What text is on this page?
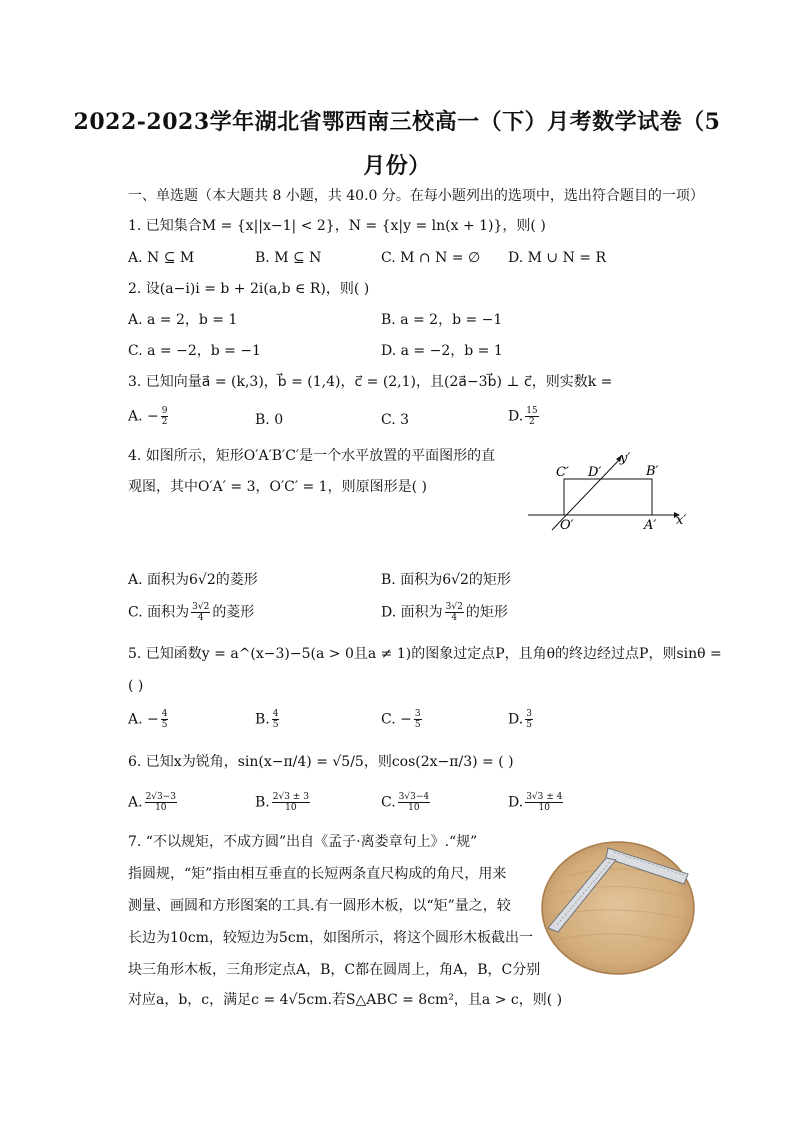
2022-2023学年湖北省鄂西南三校高一（下）月考数学试卷（5
月份）
一、单选题（本大题共 8 小题，共 40.0 分。在每小题列出的选项中，选出符合题目的一项）
1. 已知集合M = {x||x−1| < 2}，N = {x|y = ln(x + 1)}，则( )
A. N ⊆ M	B. M ⊆ N	C. M ∩ N = ∅ D. M ∪ N = R
2. 设(a−i)i = b + 2i(a,b ∈ R)，则( )
A. a = 2，b = 1	B. a = 2，b = −1
C. a = −2，b = −1	D. a = −2，b = 1
3. 已知向量a⃗ = (k,3)，b⃗ = (1,4)，c⃗ = (2,1)，且(2a⃗−3b⃗) ⊥ c⃗，则实数k =
A. − $\frac{9}{2}$	B. 0	C. 3	D. $\frac{15}{2}$
4. 如图所示，矩形O′A′B′C′是一个水平放置的平面图形的直
观图，其中O′A′ = 3，O′C′ = 1，则原图形是( )
C′ D′
y′
B′
O′	A′ x′
A. 面积为6√2的菱形	B. 面积为6√2的矩形
C. 面积为 $\frac{3√2}{4}$ 的菱形	D. 面积为 $\frac{3√2}{4}$ 的矩形
5. 已知函数y = a^(x−3)−5(a > 0且a ≠ 1)的图象过定点P，且角θ的终边经过点P，则sinθ =
( )
A. − $\frac{4}{5}$	B. $\frac{4}{5}$	C. − $\frac{3}{5}$	D. $\frac{3}{5}$
6. 已知x为锐角，sin(x−π/4) = √5/5，则cos(2x−π/3) = ( )
A. $\frac{2√3-3}{10}$	B. $\frac{2√3 \pm 3}{10}$	C. $\frac{3√3-4}{10}$	D. $\frac{3√3 \pm 4}{10}$
7. “不以规矩，不成方圆”出自《孟子·离娄章句上》.“规”
指圆规，“矩”指由相互垂直的长短两条直尺构成的角尺，用来
测量、画圆和方形图案的工具.有一圆形木板，以“矩”量之，较
长边为10cm，较短边为5cm，如图所示，将这个圆形木板截出一
块三角形木板，三角形定点A，B，C都在圆周上，角A，B，C分别
对应a，b，c，满足c = 4√5cm.若S△ABC = 8cm²，且a > c，则( )
